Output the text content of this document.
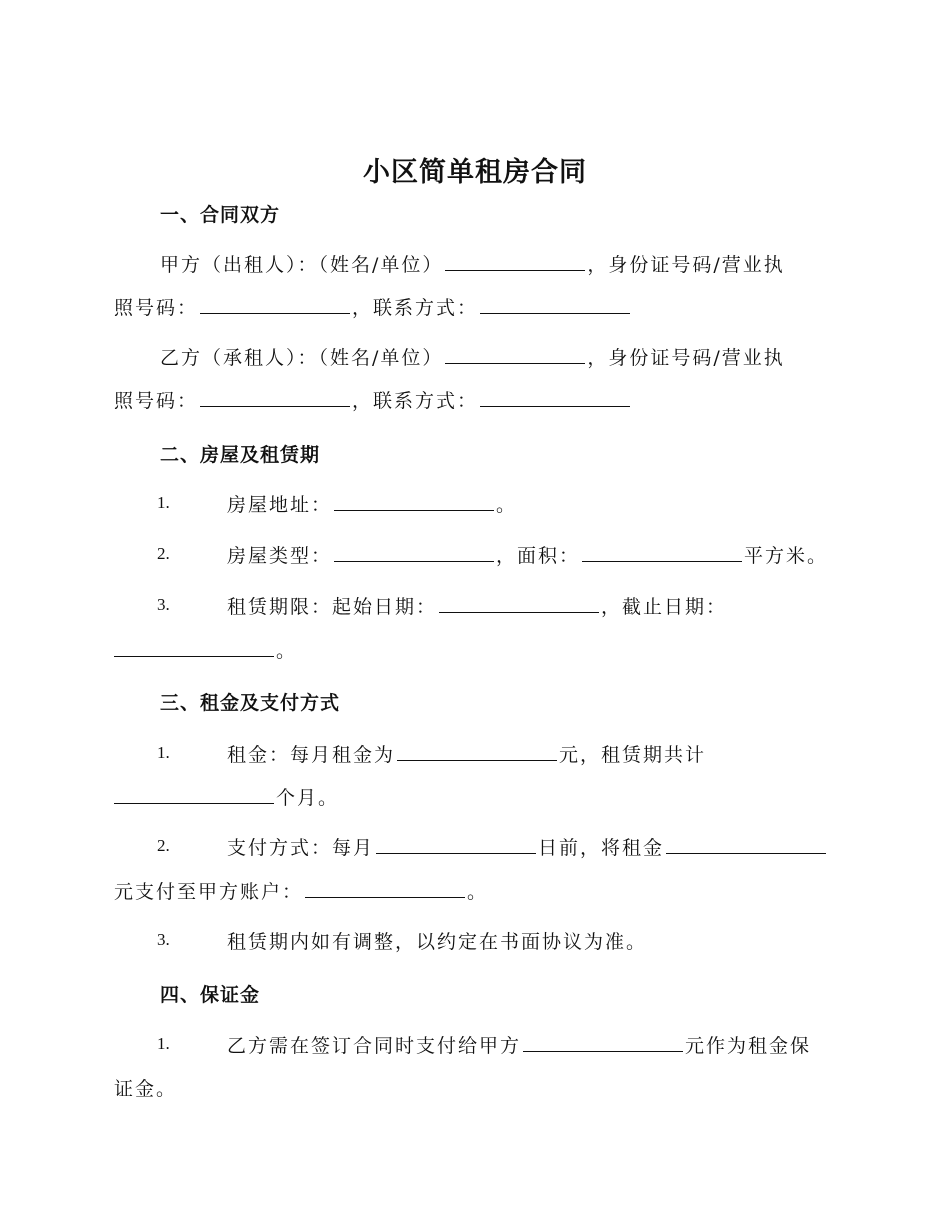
小区简单租房合同
一、合同双方
甲方（出租人）：（姓名/单位）	，身份证号码/营业执
照号码：	，联系方式：
乙方（承租人）：（姓名/单位）	，身份证号码/营业执
照号码：	，联系方式：
二、房屋及租赁期
1.	房屋地址：	。
2.	房屋类型：	，面积：	平方米。
3.	租赁期限：起始日期：	，截止日期：
。
三、租金及支付方式
1.	租金：每月租金为	元，租赁期共计
个月。
2.	支付方式：每月	日前，将租金
元支付至甲方账户：	。
3.	租赁期内如有调整，以约定在书面协议为准。
四、保证金
1.	乙方需在签订合同时支付给甲方	元作为租金保
证金。
